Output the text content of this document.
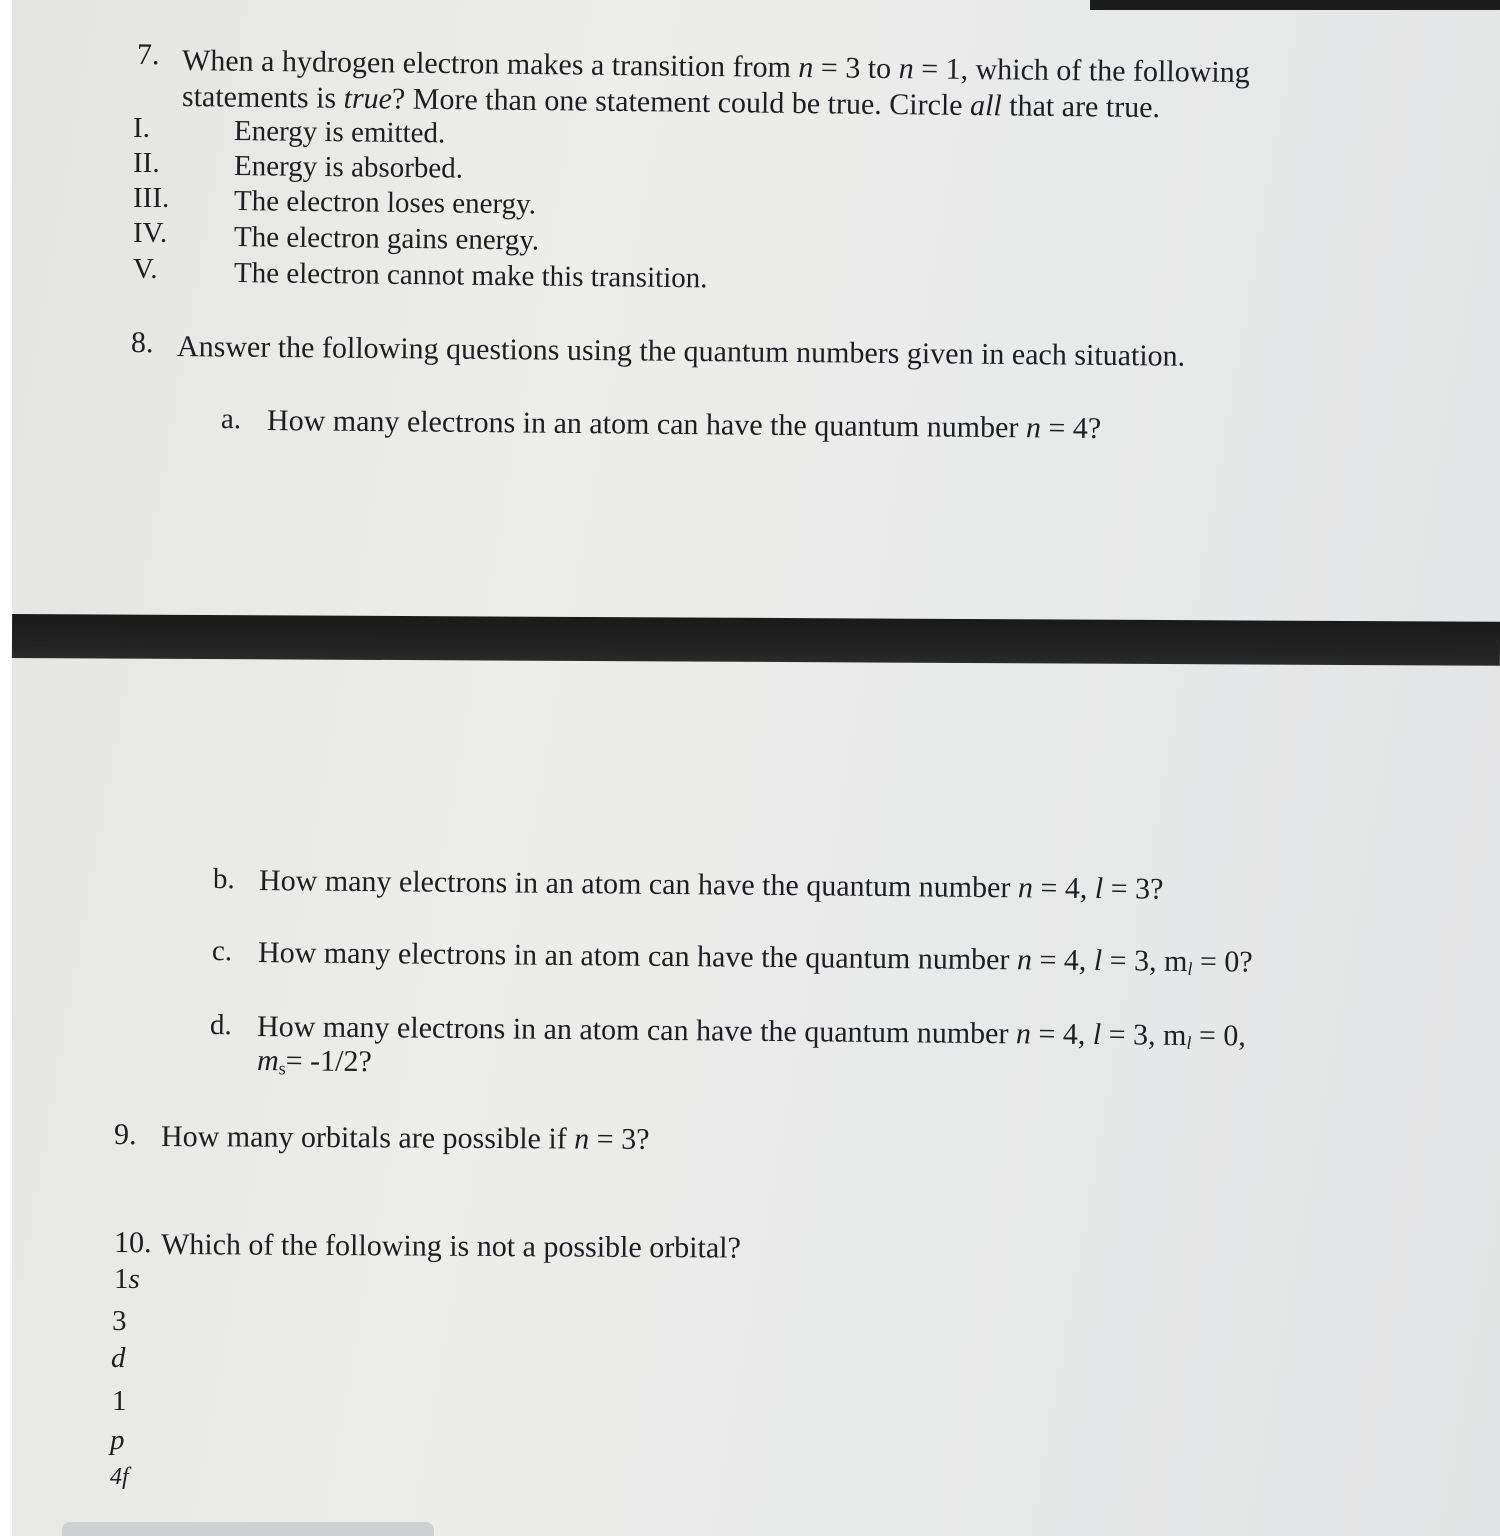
7. When a hydrogen electron makes a transition from n = 3 to n = 1, which of the following
statements is true? More than one statement could be true. Circle all that are true.
I.	Energy is emitted.
II.	Energy is absorbed.
III. The electron loses energy.
IV. The electron gains energy.
V.	The electron cannot make this transition.
8. Answer the following questions using the quantum numbers given in each situation.
a. How many electrons in an atom can have the quantum number n = 4?
b. How many electrons in an atom can have the quantum number n = 4, l = 3?
c. How many electrons in an atom can have the quantum number n = 4, l = 3, $m_l = 0$?
d. How many electrons in an atom can have the quantum number n = 4, l = 3, $m_l = 0$,
$m_s= -1/2$?
9. How many orbitals are possible if n = 3?
10. Which of the following is not a possible orbital?
1s
3
d
1
p
4f
